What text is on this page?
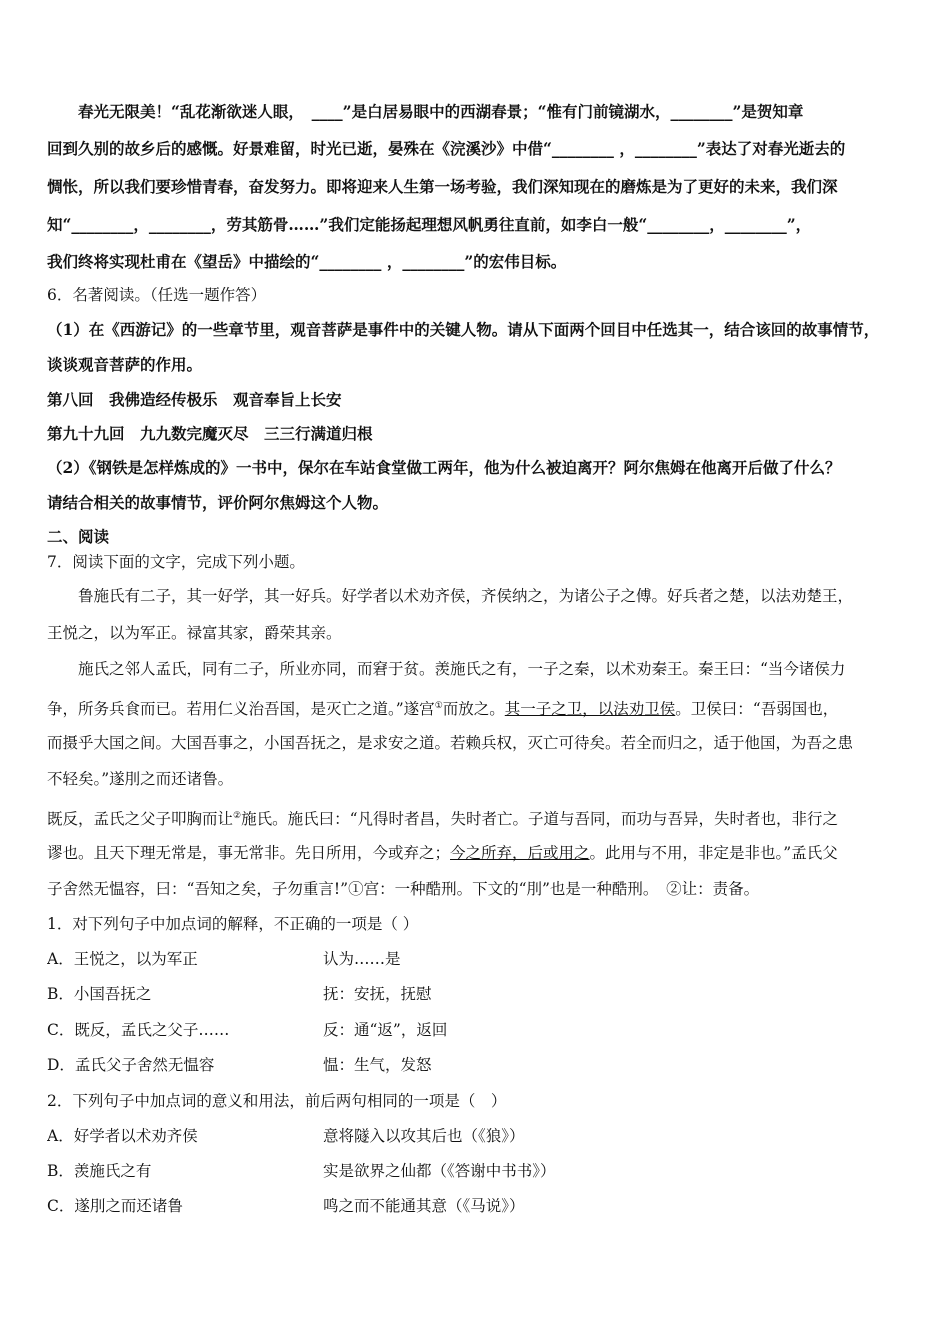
春光无限美！“乱花渐欲迷人眼，　____”是白居易眼中的西湖春景；“惟有门前镜湖水，________”是贺知章
回到久别的故乡后的感慨。好景难留，时光已逝，晏殊在《浣溪沙》中借“________ ，________”表达了对春光逝去的
惆怅，所以我们要珍惜青春，奋发努力。即将迎来人生第一场考验，我们深知现在的磨炼是为了更好的未来，我们深
知“________，________，劳其筋骨……”我们定能扬起理想风帆勇往直前，如李白一般“________，________”，
我们终将实现杜甫在《望岳》中描绘的“________ ，________”的宏伟目标。
6．名著阅读。（任选一题作答）
（1）在《西游记》的一些章节里，观音菩萨是事件中的关键人物。请从下面两个回目中任选其一，结合该回的故事情节，
谈谈观音菩萨的作用。
第八回　我佛造经传极乐　观音奉旨上长安
第九十九回　九九数完魔灭尽　三三行满道归根
（2）《钢铁是怎样炼成的》一书中，保尔在车站食堂做工两年，他为什么被迫离开？阿尔焦姆在他离开后做了什么？
请结合相关的故事情节，评价阿尔焦姆这个人物。
二、阅读
7．阅读下面的文字，完成下列小题。
鲁施氏有二子，其一好学，其一好兵。好学者以术劝齐侯，齐侯纳之，为诸公子之傅。好兵者之楚，以法劝楚王，
王悦之，以为军正。禄富其家，爵荣其亲。
施氏之邻人孟氏，同有二子，所业亦同，而窘于贫。羡施氏之有，一子之秦，以术劝秦王。秦王曰：“当今诸侯力
争，所务兵食而已。若用仁义治吾国，是灭亡之道。”遂宫①而放之。其一子之卫，以法劝卫侯。卫侯曰：“吾弱国也，
而摄乎大国之间。大国吾事之，小国吾抚之，是求安之道。若赖兵权，灭亡可待矣。若全而归之，适于他国，为吾之患
不轻矣。”遂刖之而还诸鲁。
既反，孟氏之父子叩胸而让②施氏。施氏曰：“凡得时者昌，失时者亡。子道与吾同，而功与吾异，失时者也，非行之
谬也。且天下理无常是，事无常非。先日所用，今或弃之；今之所弃，后或用之。此用与不用，非定是非也。”孟氏父
子舍然无愠容，曰：“吾知之矣，子勿重言!”①宫：一种酷刑。下文的“刖”也是一种酷刑。　②让：责备。
1．对下列句子中加点词的解释，不正确的一项是（ ）
A．王悦之，以为军正	认为……是
B．小国吾抚之	抚：安抚，抚慰
C．既反，孟氏之父子……	反：通“返”，返回
D．孟氏父子舍然无愠容	愠：生气，发怒
2．下列句子中加点词的意义和用法，前后两句相同的一项是（　）
A．好学者以术劝齐侯	意将隧入以攻其后也（《狼》）
B．羡施氏之有	实是欲界之仙都（《答谢中书书》）
C．遂刖之而还诸鲁	鸣之而不能通其意（《马说》）
